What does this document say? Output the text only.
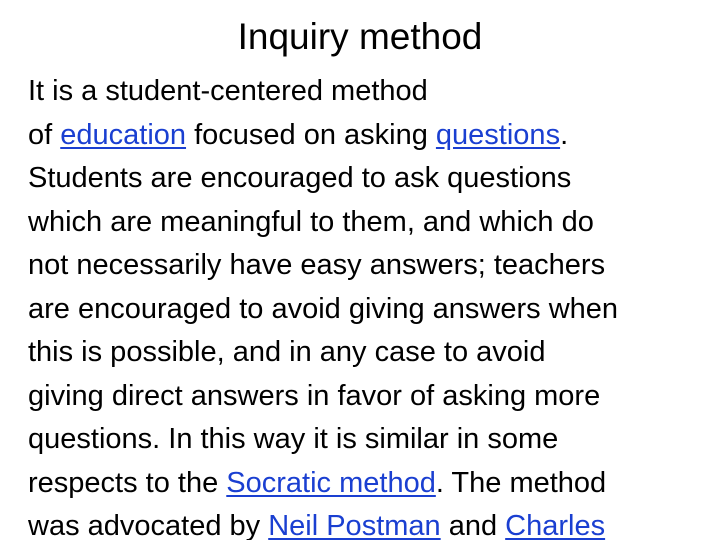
Inquiry method
It is a student-centered method
of education focused on asking questions.
Students are encouraged to ask questions
which are meaningful to them, and which do
not necessarily have easy answers; teachers
are encouraged to avoid giving answers when
this is possible, and in any case to avoid
giving direct answers in favor of asking more
questions. In this way it is similar in some
respects to the Socratic method. The method
was advocated by Neil Postman and Charles
